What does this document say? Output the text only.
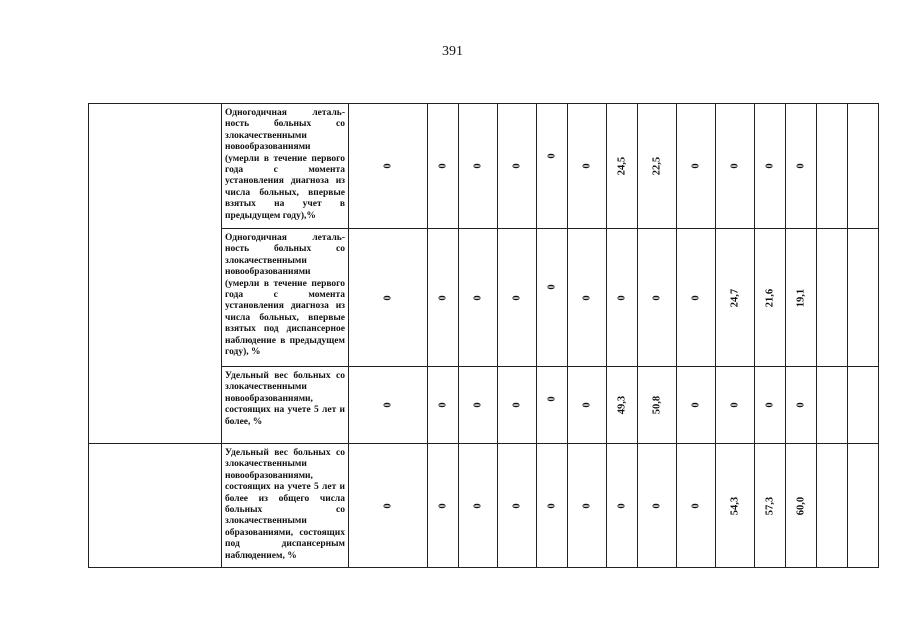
391
	Одногодичная леталь-ность больных со злокачественными новообразованиями (умерли в течение первого года с момента установления диагноза из числа больных, впервые взятых на учет в предыдущем году),%	0	0	0	0	0	0	24,5	22,5	0	0	0	0		

	Одногодичная леталь-ность больных со злокачественными новообразованиями (умерли в течение первого года с момента установления диагноза из числа больных, впервые взятых под диспансерное наблюдение в предыдущем году), %	0	0	0	0	0	0	0	0	0	24,7	21,6	19,1		

	Удельный вес больных со злокачественными новообразованиями, состоящих на учете 5 лет и более, %	0	0	0	0	0	0	49,3	50,8	0	0	0	0		

	Удельный вес больных со злокачественными новообразованиями, состоящих на учете 5 лет и более из общего числа больных со злокачественными образованиями, состоящих под диспансерным наблюдением, %	0	0	0	0	0	0	0	0	0	54,3	57,3	60,0		
